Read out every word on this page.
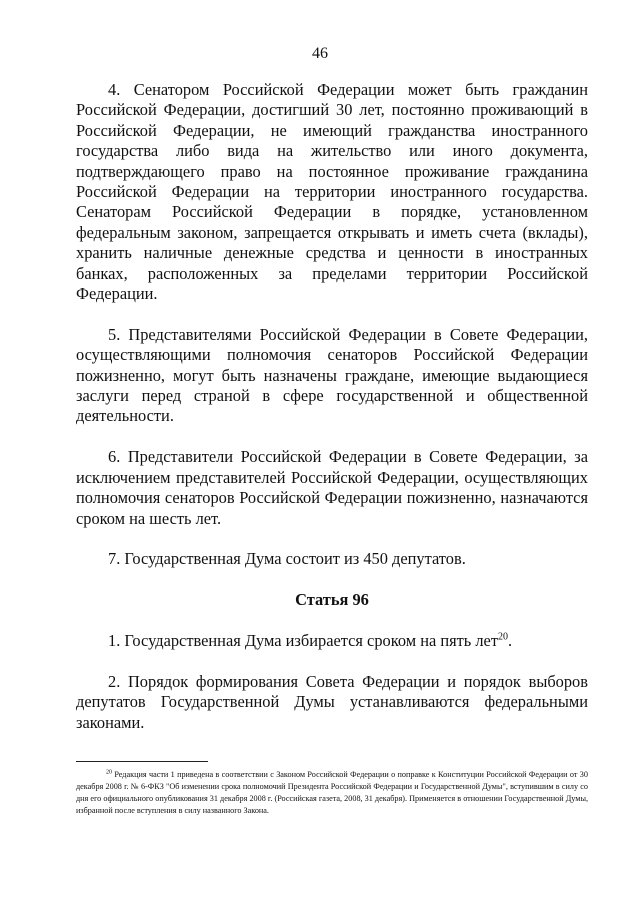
46

4. Сенатором Российской Федерации может быть гражданин Российской Федерации, достигший 30 лет, постоянно проживающий в Российской Федерации, не имеющий гражданства иностранного государства либо вида на жительство или иного документа, подтверждающего право на постоянное проживание гражданина Российской Федерации на территории иностранного государства. Сенаторам Российской Федерации в порядке, установленном федеральным законом, запрещается открывать и иметь счета (вклады), хранить наличные денежные средства и ценности в иностранных банках, расположенных за пределами территории Российской Федерации.

5. Представителями Российской Федерации в Совете Федерации, осуществляющими полномочия сенаторов Российской Федерации пожизненно, могут быть назначены граждане, имеющие выдающиеся заслуги перед страной в сфере государственной и общественной деятельности.

6. Представители Российской Федерации в Совете Федерации, за исключением представителей Российской Федерации, осуществляющих полномочия сенаторов Российской Федерации пожизненно, назначаются сроком на шесть лет.

7. Государственная Дума состоит из 450 депутатов.

Статья 96

1. Государственная Дума избирается сроком на пять лет$^{20}$.

2. Порядок формирования Совета Федерации и порядок выборов депутатов Государственной Думы устанавливаются федеральными законами.

$^{20}$ Редакция части 1 приведена в соответствии с Законом Российской Федерации о поправке к Конституции Российской Федерации от 30 декабря 2008 г. № 6-ФКЗ "Об изменении срока полномочий Президента Российской Федерации и Государственной Думы", вступившим в силу со дня его официального опубликования 31 декабря 2008 г. (Российская газета, 2008, 31 декабря). Применяется в отношении Государственной Думы, избранной после вступления в силу названного Закона.
